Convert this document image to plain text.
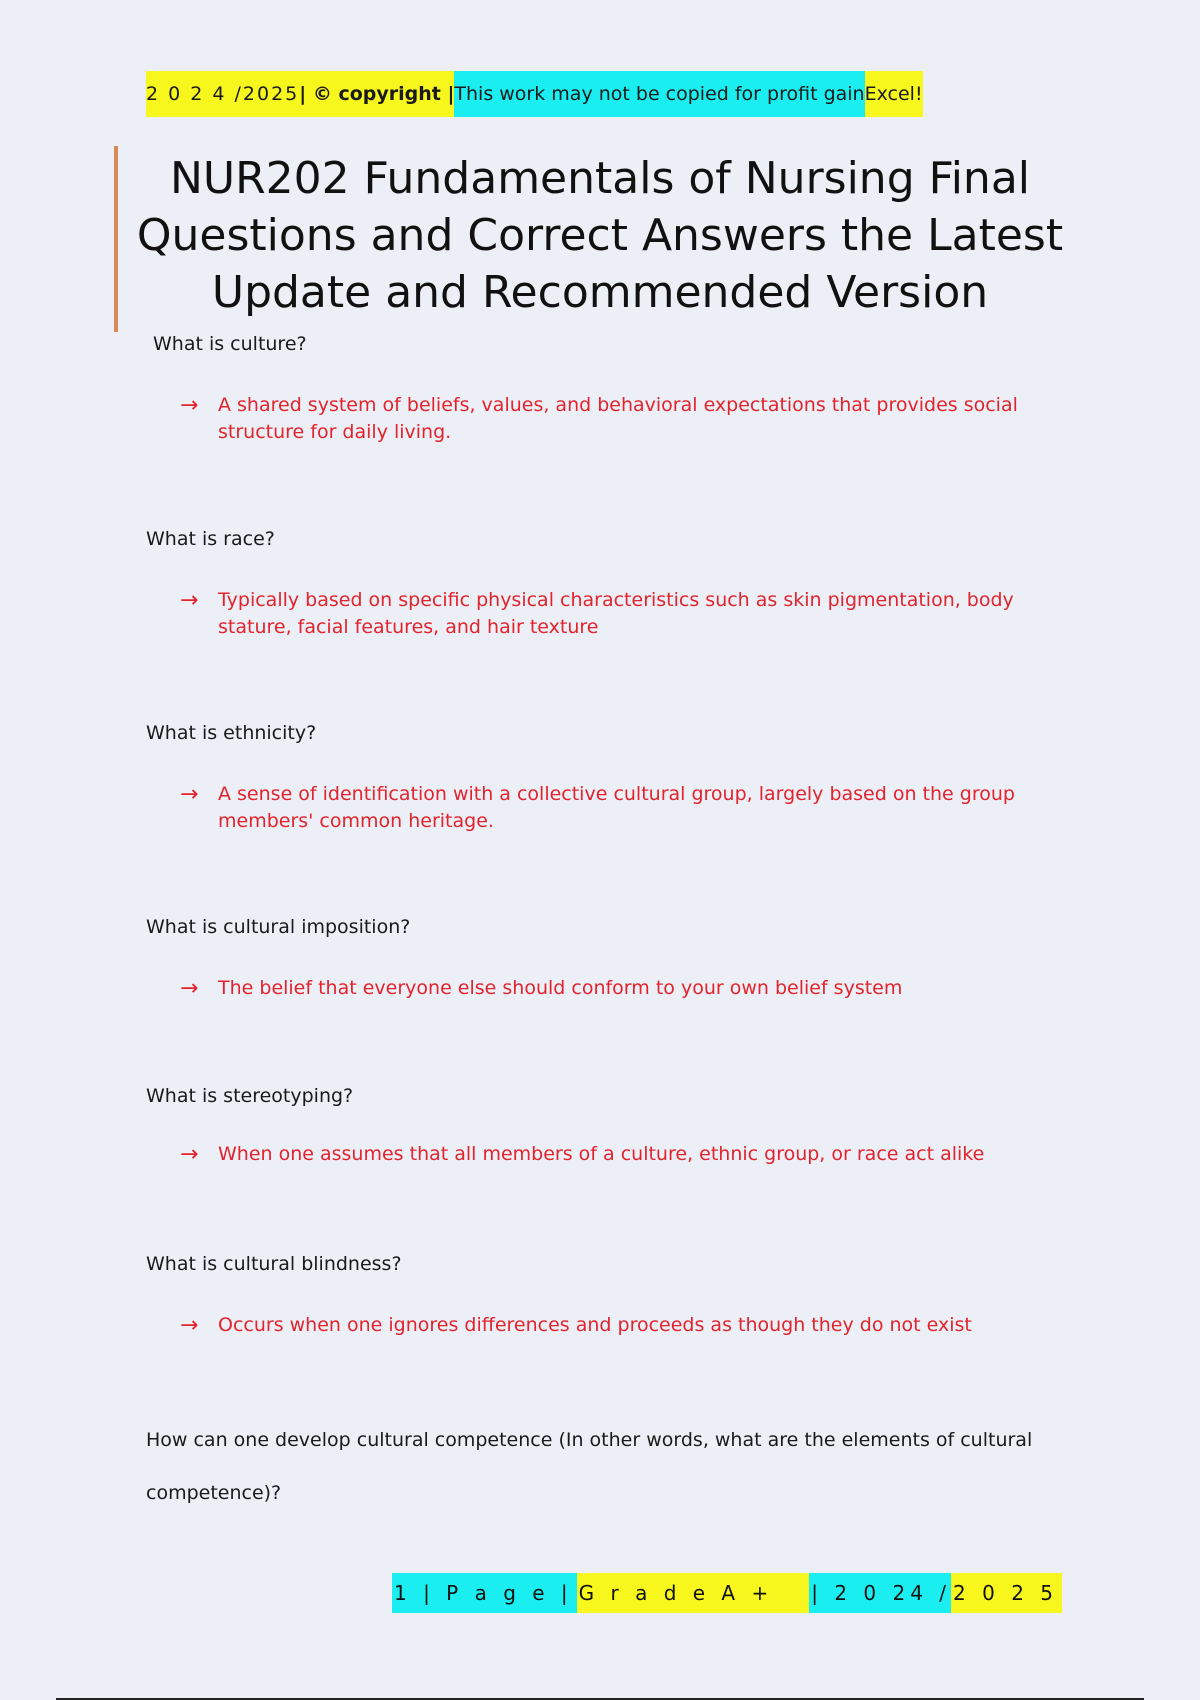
2 0 2 4 /2025 | © copyright | This work may not be copied for profit gain Excel!
NUR202 Fundamentals of Nursing Final Questions and Correct Answers the Latest Update and Recommended Version

What is culture?

→ A shared system of beliefs, values, and behavioral expectations that provides social structure for daily living.

What is race?

→ Typically based on specific physical characteristics such as skin pigmentation, body stature, facial features, and hair texture

What is ethnicity?

→ A sense of identification with a collective cultural group, largely based on the group members' common heritage.

What is cultural imposition?

→ The belief that everyone else should conform to your own belief system

What is stereotyping?

→ When one assumes that all members of a culture, ethnic group, or race act alike

What is cultural blindness?

→ Occurs when one ignores differences and proceeds as though they do not exist

How can one develop cultural competence (In other words, what are the elements of cultural competence)?

1 | P a g e | G r a d e A +	| 2 0 24 / 2 0 2 5
